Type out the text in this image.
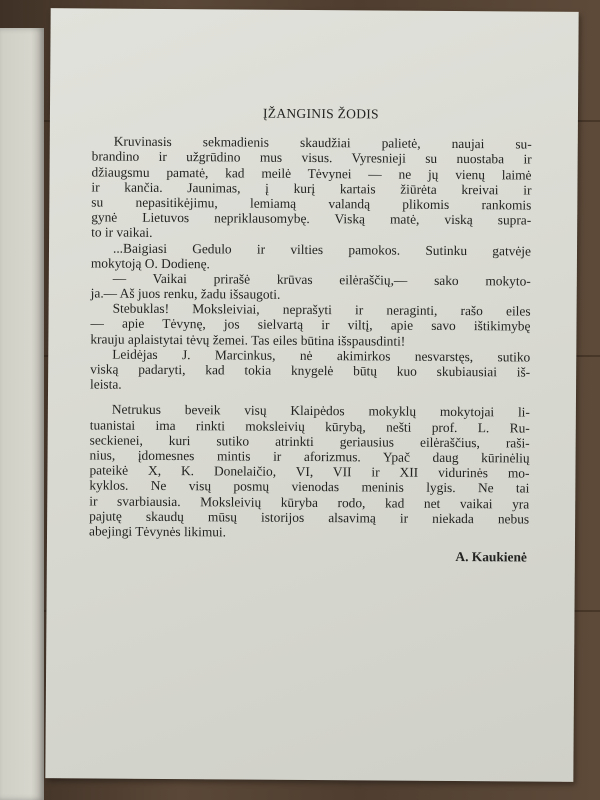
ĮŽANGINIS ŽODIS
Kruvinasis sekmadienis skaudžiai palietė, naujai su-
brandino ir užgrūdino mus visus. Vyresnieji su nuostaba ir
džiaugsmu pamatė, kad meilė Tėvynei — ne jų vienų laimė
ir kančia. Jaunimas, į kurį kartais žiūrėta kreivai ir
su nepasitikėjimu, lemiamą valandą plikomis rankomis
gynė Lietuvos nepriklausomybę. Viską matė, viską supra-
to ir vaikai.
...Baigiasi Gedulo ir vilties pamokos. Sutinku gatvėje
mokytoją O. Dodienę.
— Vaikai prirašė krūvas eilėraščių,— sako mokyto-
ja.— Aš juos renku, žadu išsaugoti.
Stebuklas! Moksleiviai, neprašyti ir neraginti, rašo eiles
— apie Tėvynę, jos sielvartą ir viltį, apie savo ištikimybę
krauju aplaistytai tėvų žemei. Tas eiles būtina išspausdinti!
Leidėjas J. Marcinkus, nė akimirkos nesvarstęs, sutiko
viską padaryti, kad tokia knygelė būtų kuo skubiausiai iš-
leista.
Netrukus beveik visų Klaipėdos mokyklų mokytojai li-
tuanistai ima rinkti moksleivių kūrybą, nešti prof. L. Ru-
seckienei, kuri sutiko atrinkti geriausius eilėraščius, raši-
nius, įdomesnes mintis ir aforizmus. Ypač daug kūrinėlių
pateikė X, K. Donelaičio, VI, VII ir XII vidurinės mo-
kyklos. Ne visų posmų vienodas meninis lygis. Ne tai
ir svarbiausia. Moksleivių kūryba rodo, kad net vaikai yra
pajutę skaudų mūsų istorijos alsavimą ir niekada nebus
abejingi Tėvynės likimui.
A. Kaukienė
